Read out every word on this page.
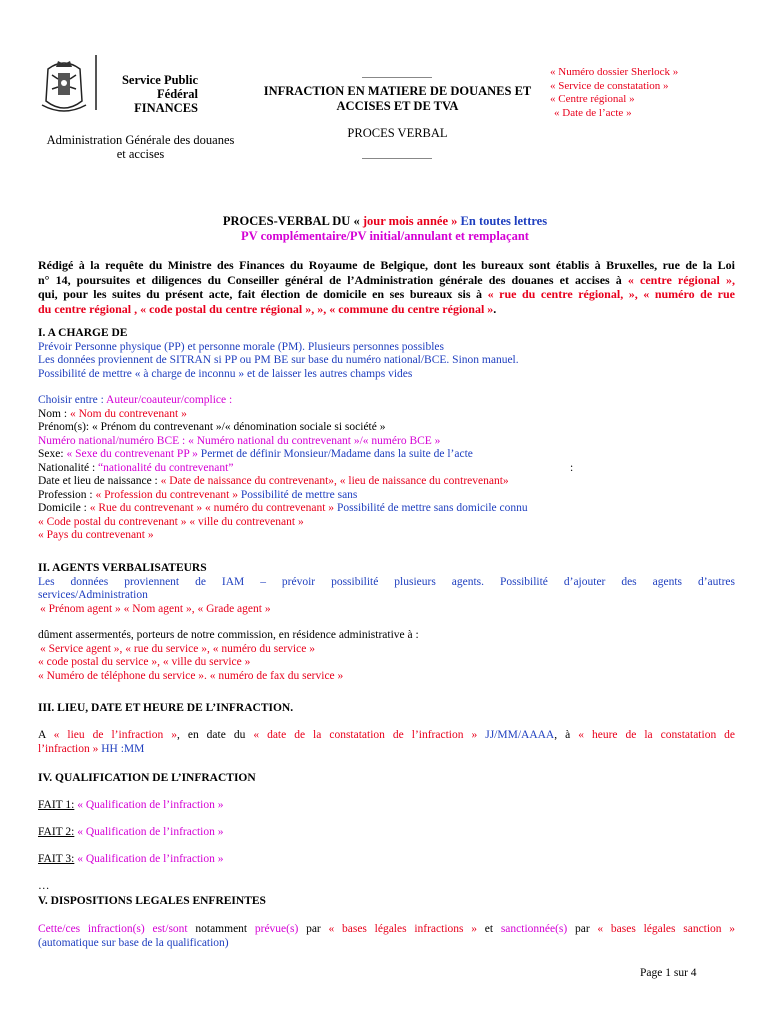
Service Public
Fédéral FINANCES
Administration Générale des douanes
et accises
INFRACTION EN MATIERE DE DOUANES ET
ACCISES ET DE TVA
PROCES VERBAL
« Numéro dossier Sherlock »
« Service de constatation »
« Centre régional »
« Date de l’acte »
PROCES-VERBAL DU « jour mois année » En toutes lettres
PV complémentaire/PV initial/annulant et remplaçant
Rédigé à la requête du Ministre des Finances du Royaume de Belgique, dont les bureaux sont établis à Bruxelles, rue de la Loi
n° 14, poursuites et diligences du Conseiller général de l’Administration générale des douanes et accises à « centre régional »,
qui, pour les suites du présent acte, fait élection de domicile en ses bureaux sis à « rue du centre régional, », « numéro de rue
du centre régional , « code postal du centre régional », », « commune du centre régional ».
I. A CHARGE DE
Prévoir Personne physique (PP) et personne morale (PM). Plusieurs personnes possibles
Les données proviennent de SITRAN si PP ou PM BE sur base du numéro national/BCE. Sinon manuel.
Possibilité de mettre « à charge de inconnu » et de laisser les autres champs vides
Choisir entre : Auteur/coauteur/complice :
Nom : « Nom du contrevenant »
Prénom(s): « Prénom du contrevenant »/« dénomination sociale si société »
Numéro national/numéro BCE : « Numéro national du contrevenant »/« numéro BCE »
Sexe: « Sexe du contrevenant PP » Permet de définir Monsieur/Madame dans la suite de l’acte
Nationalité : “nationalité du contrevenant”	:
Date et lieu de naissance : « Date de naissance du contrevenant», « lieu de naissance du contrevenant»
Profession : « Profession du contrevenant » Possibilité de mettre sans
Domicile : « Rue du contrevenant » « numéro du contrevenant » Possibilité de mettre sans domicile connu
« Code postal du contrevenant » « ville du contrevenant »
« Pays du contrevenant »
II. AGENTS VERBALISATEURS
Les données proviennent de IAM – prévoir possibilité plusieurs agents. Possibilité d’ajouter des agents d’autres
services/Administration
« Prénom agent » « Nom agent », « Grade agent »
dûment assermentés, porteurs de notre commission, en résidence administrative à :
« Service agent », « rue du service », « numéro du service »
« code postal du service », « ville du service »
« Numéro de téléphone du service ». « numéro de fax du service »
III. LIEU, DATE ET HEURE DE L’INFRACTION.
A « lieu de l’infraction », en date du « date de la constatation de l’infraction » JJ/MM/AAAA, à « heure de la constatation de
l’infraction » HH :MM
IV. QUALIFICATION DE L’INFRACTION
FAIT 1: « Qualification de l’infraction »
FAIT 2: « Qualification de l’infraction »
FAIT 3: « Qualification de l’infraction »
…
V. DISPOSITIONS LEGALES ENFREINTES
Cette/ces infraction(s) est/sont notamment prévue(s) par « bases légales infractions » et sanctionnée(s) par « bases légales sanction »
(automatique sur base de la qualification)
Page 1 sur 4
